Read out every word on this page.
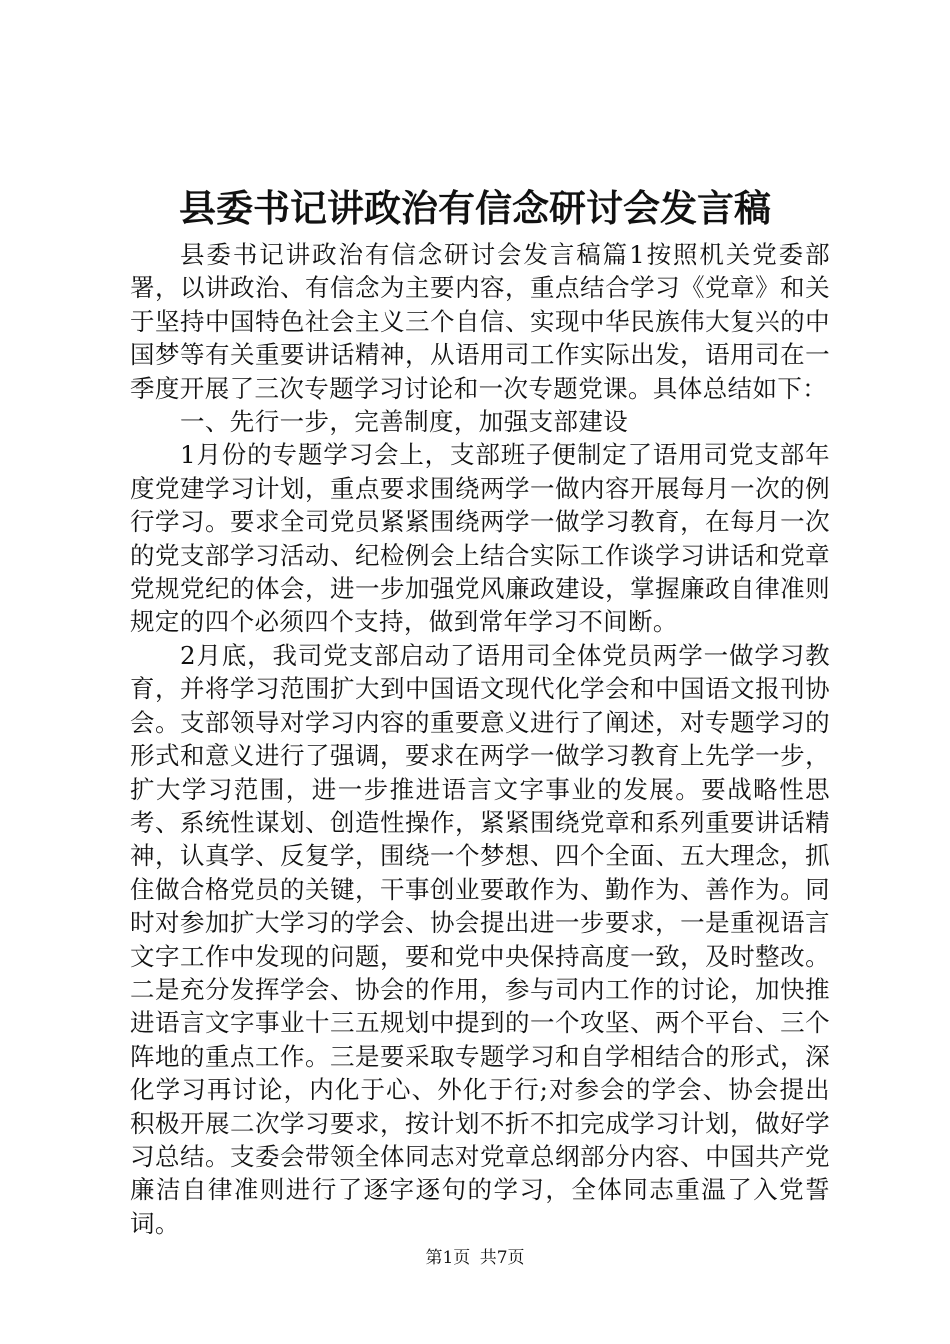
县委书记讲政治有信念研讨会发言稿

县委书记讲政治有信念研讨会发言稿篇1按照机关党委部署，以讲政治、有信念为主要内容，重点结合学习《党章》和关于坚持中国特色社会主义三个自信、实现中华民族伟大复兴的中国梦等有关重要讲话精神，从语用司工作实际出发，语用司在一季度开展了三次专题学习讨论和一次专题党课。具体总结如下：

一、先行一步，完善制度，加强支部建设

1月份的专题学习会上，支部班子便制定了语用司党支部年度党建学习计划，重点要求围绕两学一做内容开展每月一次的例行学习。要求全司党员紧紧围绕两学一做学习教育，在每月一次的党支部学习活动、纪检例会上结合实际工作谈学习讲话和党章党规党纪的体会，进一步加强党风廉政建设，掌握廉政自律准则规定的四个必须四个支持，做到常年学习不间断。

2月底，我司党支部启动了语用司全体党员两学一做学习教育，并将学习范围扩大到中国语文现代化学会和中国语文报刊协会。支部领导对学习内容的重要意义进行了阐述，对专题学习的形式和意义进行了强调，要求在两学一做学习教育上先学一步，扩大学习范围，进一步推进语言文字事业的发展。要战略性思考、系统性谋划、创造性操作，紧紧围绕党章和系列重要讲话精神，认真学、反复学，围绕一个梦想、四个全面、五大理念，抓住做合格党员的关键，干事创业要敢作为、勤作为、善作为。同时对参加扩大学习的学会、协会提出进一步要求，一是重视语言文字工作中发现的问题，要和党中央保持高度一致，及时整改。二是充分发挥学会、协会的作用，参与司内工作的讨论，加快推进语言文字事业十三五规划中提到的一个攻坚、两个平台、三个阵地的重点工作。三是要采取专题学习和自学相结合的形式，深化学习再讨论，内化于心、外化于行;对参会的学会、协会提出积极开展二次学习要求，按计划不折不扣完成学习计划，做好学习总结。支委会带领全体同志对党章总纲部分内容、中国共产党廉洁自律准则进行了逐字逐句的学习，全体同志重温了入党誓词。

第1页 共7页
